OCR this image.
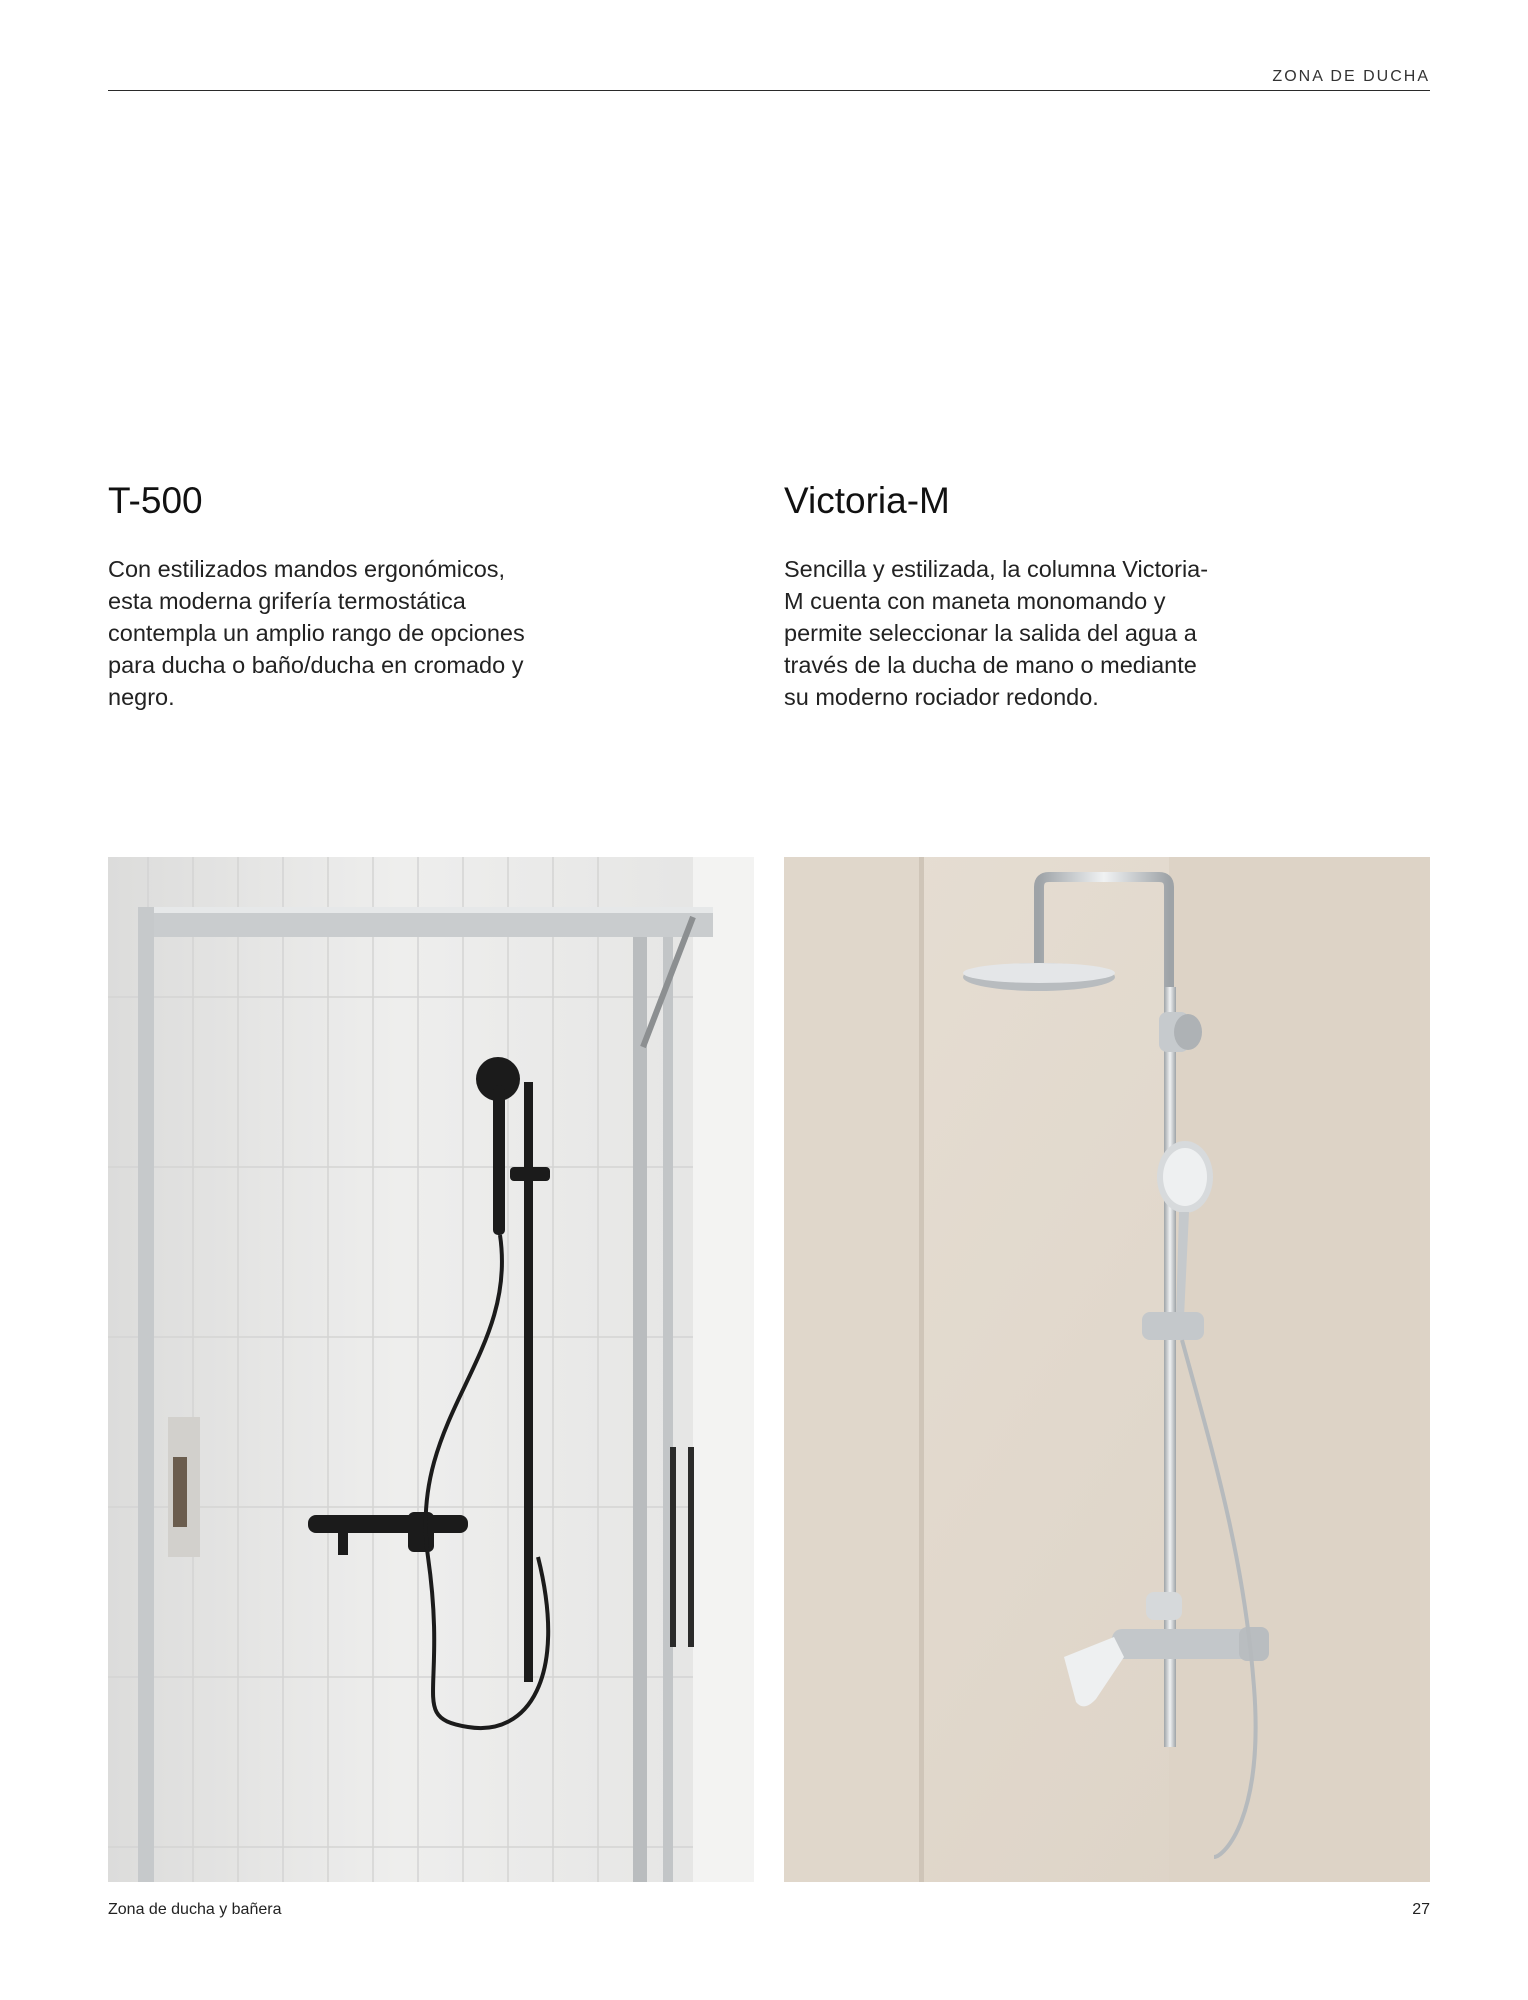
ZONA DE DUCHA
T-500

Con estilizados mandos ergonómicos, esta moderna grifería termostática contempla un amplio rango de opciones para ducha o baño/ducha en cromado y negro.

Victoria-M

Sencilla y estilizada, la columna Victoria-M cuenta con maneta monomando y permite seleccionar la salida del agua a través de la ducha de mano o mediante su moderno rociador redondo.

Zona de ducha y bañera	27
